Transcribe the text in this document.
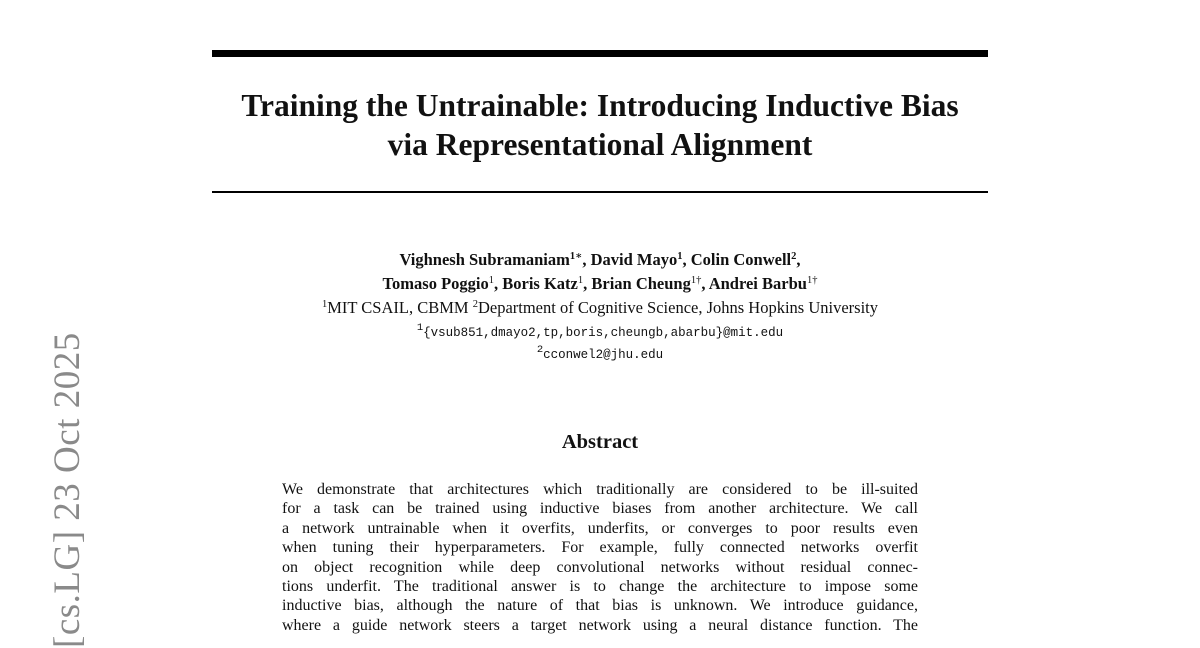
Training the Untrainable: Introducing Inductive Bias
via Representational Alignment
Vighnesh Subramaniam$^{1∗}$, David Mayo$^1$, Colin Conwell$^2$,
Tomaso Poggio$^1$, Boris Katz$^1$, Brian Cheung$^{1\dagger}$, Andrei Barbu$^{1\dagger}$
$^1$MIT CSAIL, CBMM $^2$Department of Cognitive Science, Johns Hopkins University
$^1${vsub851,dmayo2,tp,boris,cheungb,abarbu}@mit.edu
$^2$cconwel2@jhu.edu
Abstract
We demonstrate that architectures which traditionally are considered to be ill-suited
for a task can be trained using inductive biases from another architecture. We call
a network untrainable when it overfits, underfits, or converges to poor results even
when tuning their hyperparameters. For example, fully connected networks overfit
on object recognition while deep convolutional networks without residual connec-
tions underfit. The traditional answer is to change the architecture to impose some
inductive bias, although the nature of that bias is unknown. We introduce guidance,
where a guide network steers a target network using a neural distance function. The
[cs.LG] 23 Oct 2025
